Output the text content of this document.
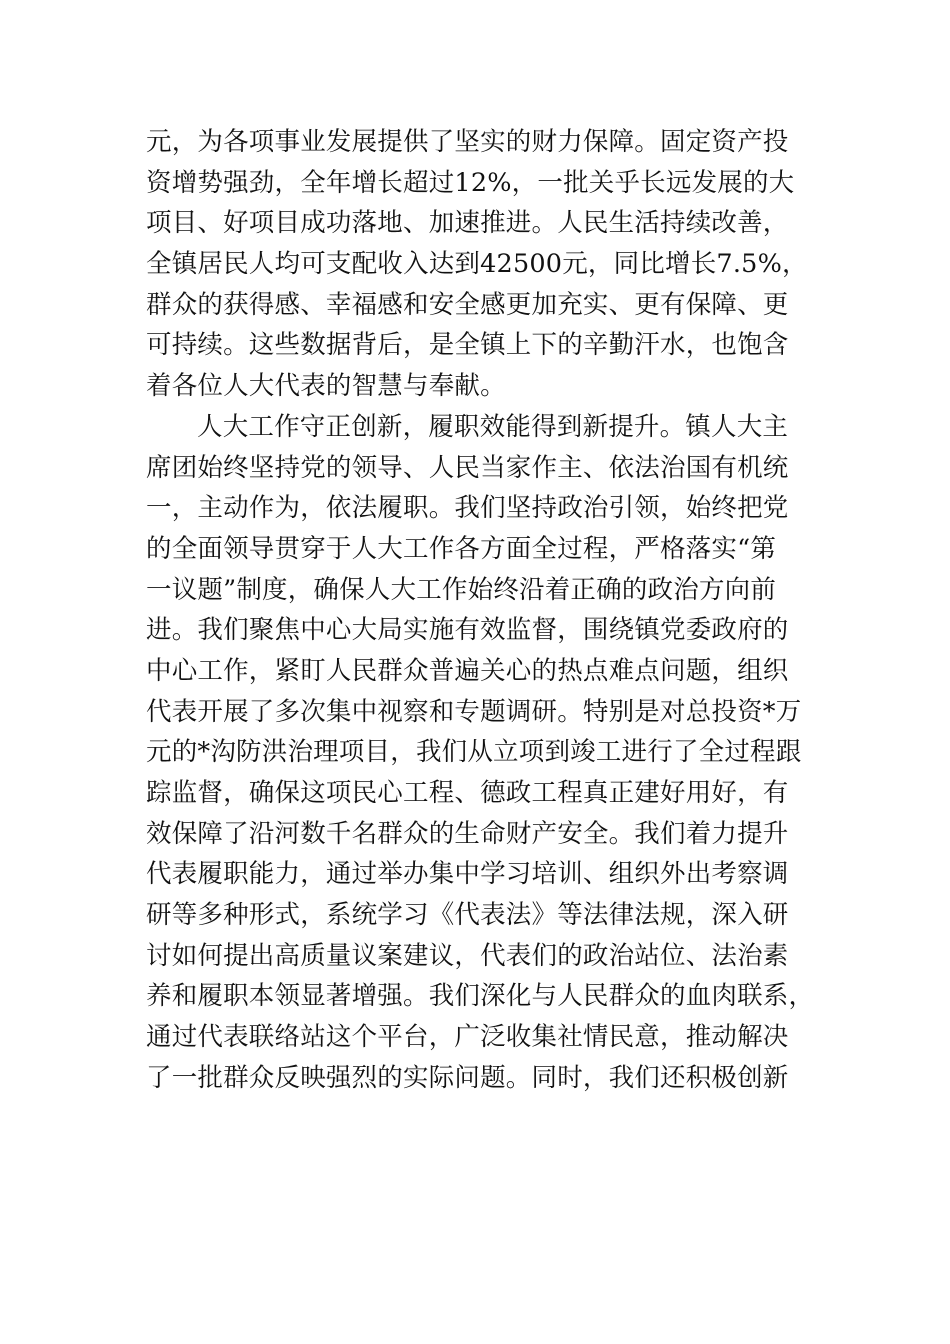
元，为各项事业发展提供了坚实的财力保障。固定资产投
资增势强劲，全年增长超过12%，一批关乎长远发展的大
项目、好项目成功落地、加速推进。人民生活持续改善，
全镇居民人均可支配收入达到42500元，同比增长7.5%，
群众的获得感、幸福感和安全感更加充实、更有保障、更
可持续。这些数据背后，是全镇上下的辛勤汗水，也饱含
着各位人大代表的智慧与奉献。
人大工作守正创新，履职效能得到新提升。镇人大主
席团始终坚持党的领导、人民当家作主、依法治国有机统
一，主动作为，依法履职。我们坚持政治引领，始终把党
的全面领导贯穿于人大工作各方面全过程，严格落实“第
一议题”制度，确保人大工作始终沿着正确的政治方向前
进。我们聚焦中心大局实施有效监督，围绕镇党委政府的
中心工作，紧盯人民群众普遍关心的热点难点问题，组织
代表开展了多次集中视察和专题调研。特别是对总投资*万
元的*沟防洪治理项目，我们从立项到竣工进行了全过程跟
踪监督，确保这项民心工程、德政工程真正建好用好，有
效保障了沿河数千名群众的生命财产安全。我们着力提升
代表履职能力，通过举办集中学习培训、组织外出考察调
研等多种形式，系统学习《代表法》等法律法规，深入研
讨如何提出高质量议案建议，代表们的政治站位、法治素
养和履职本领显著增强。我们深化与人民群众的血肉联系，
通过代表联络站这个平台，广泛收集社情民意，推动解决
了一批群众反映强烈的实际问题。同时，我们还积极创新
